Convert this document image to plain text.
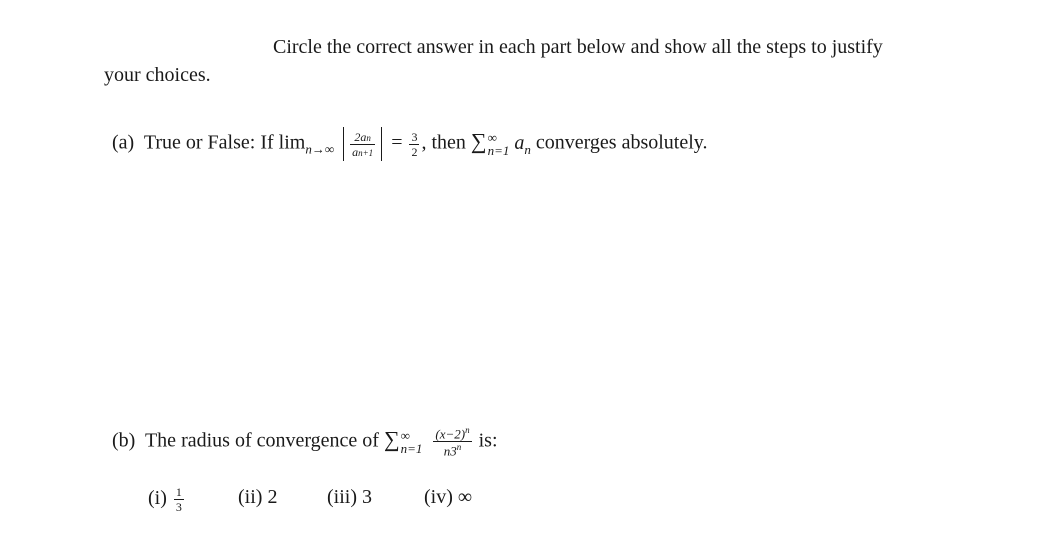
Circle the correct answer in each part below and show all the steps to justify
your choices.
(a) True or False: If $\lim_{n\to\infty} \frac{2an}{an+1} = \frac{3}{2}$ , then ∑ ∞
n=1 $a_n$ converges absolutely.
(b) The radius of convergence of ∑ ∞
n=1
$\frac{(x-2)^n}{n3^n}$ is:
$(i) \frac{1}{3}$	(ii) 2 (iii) 3	(iv) ∞
